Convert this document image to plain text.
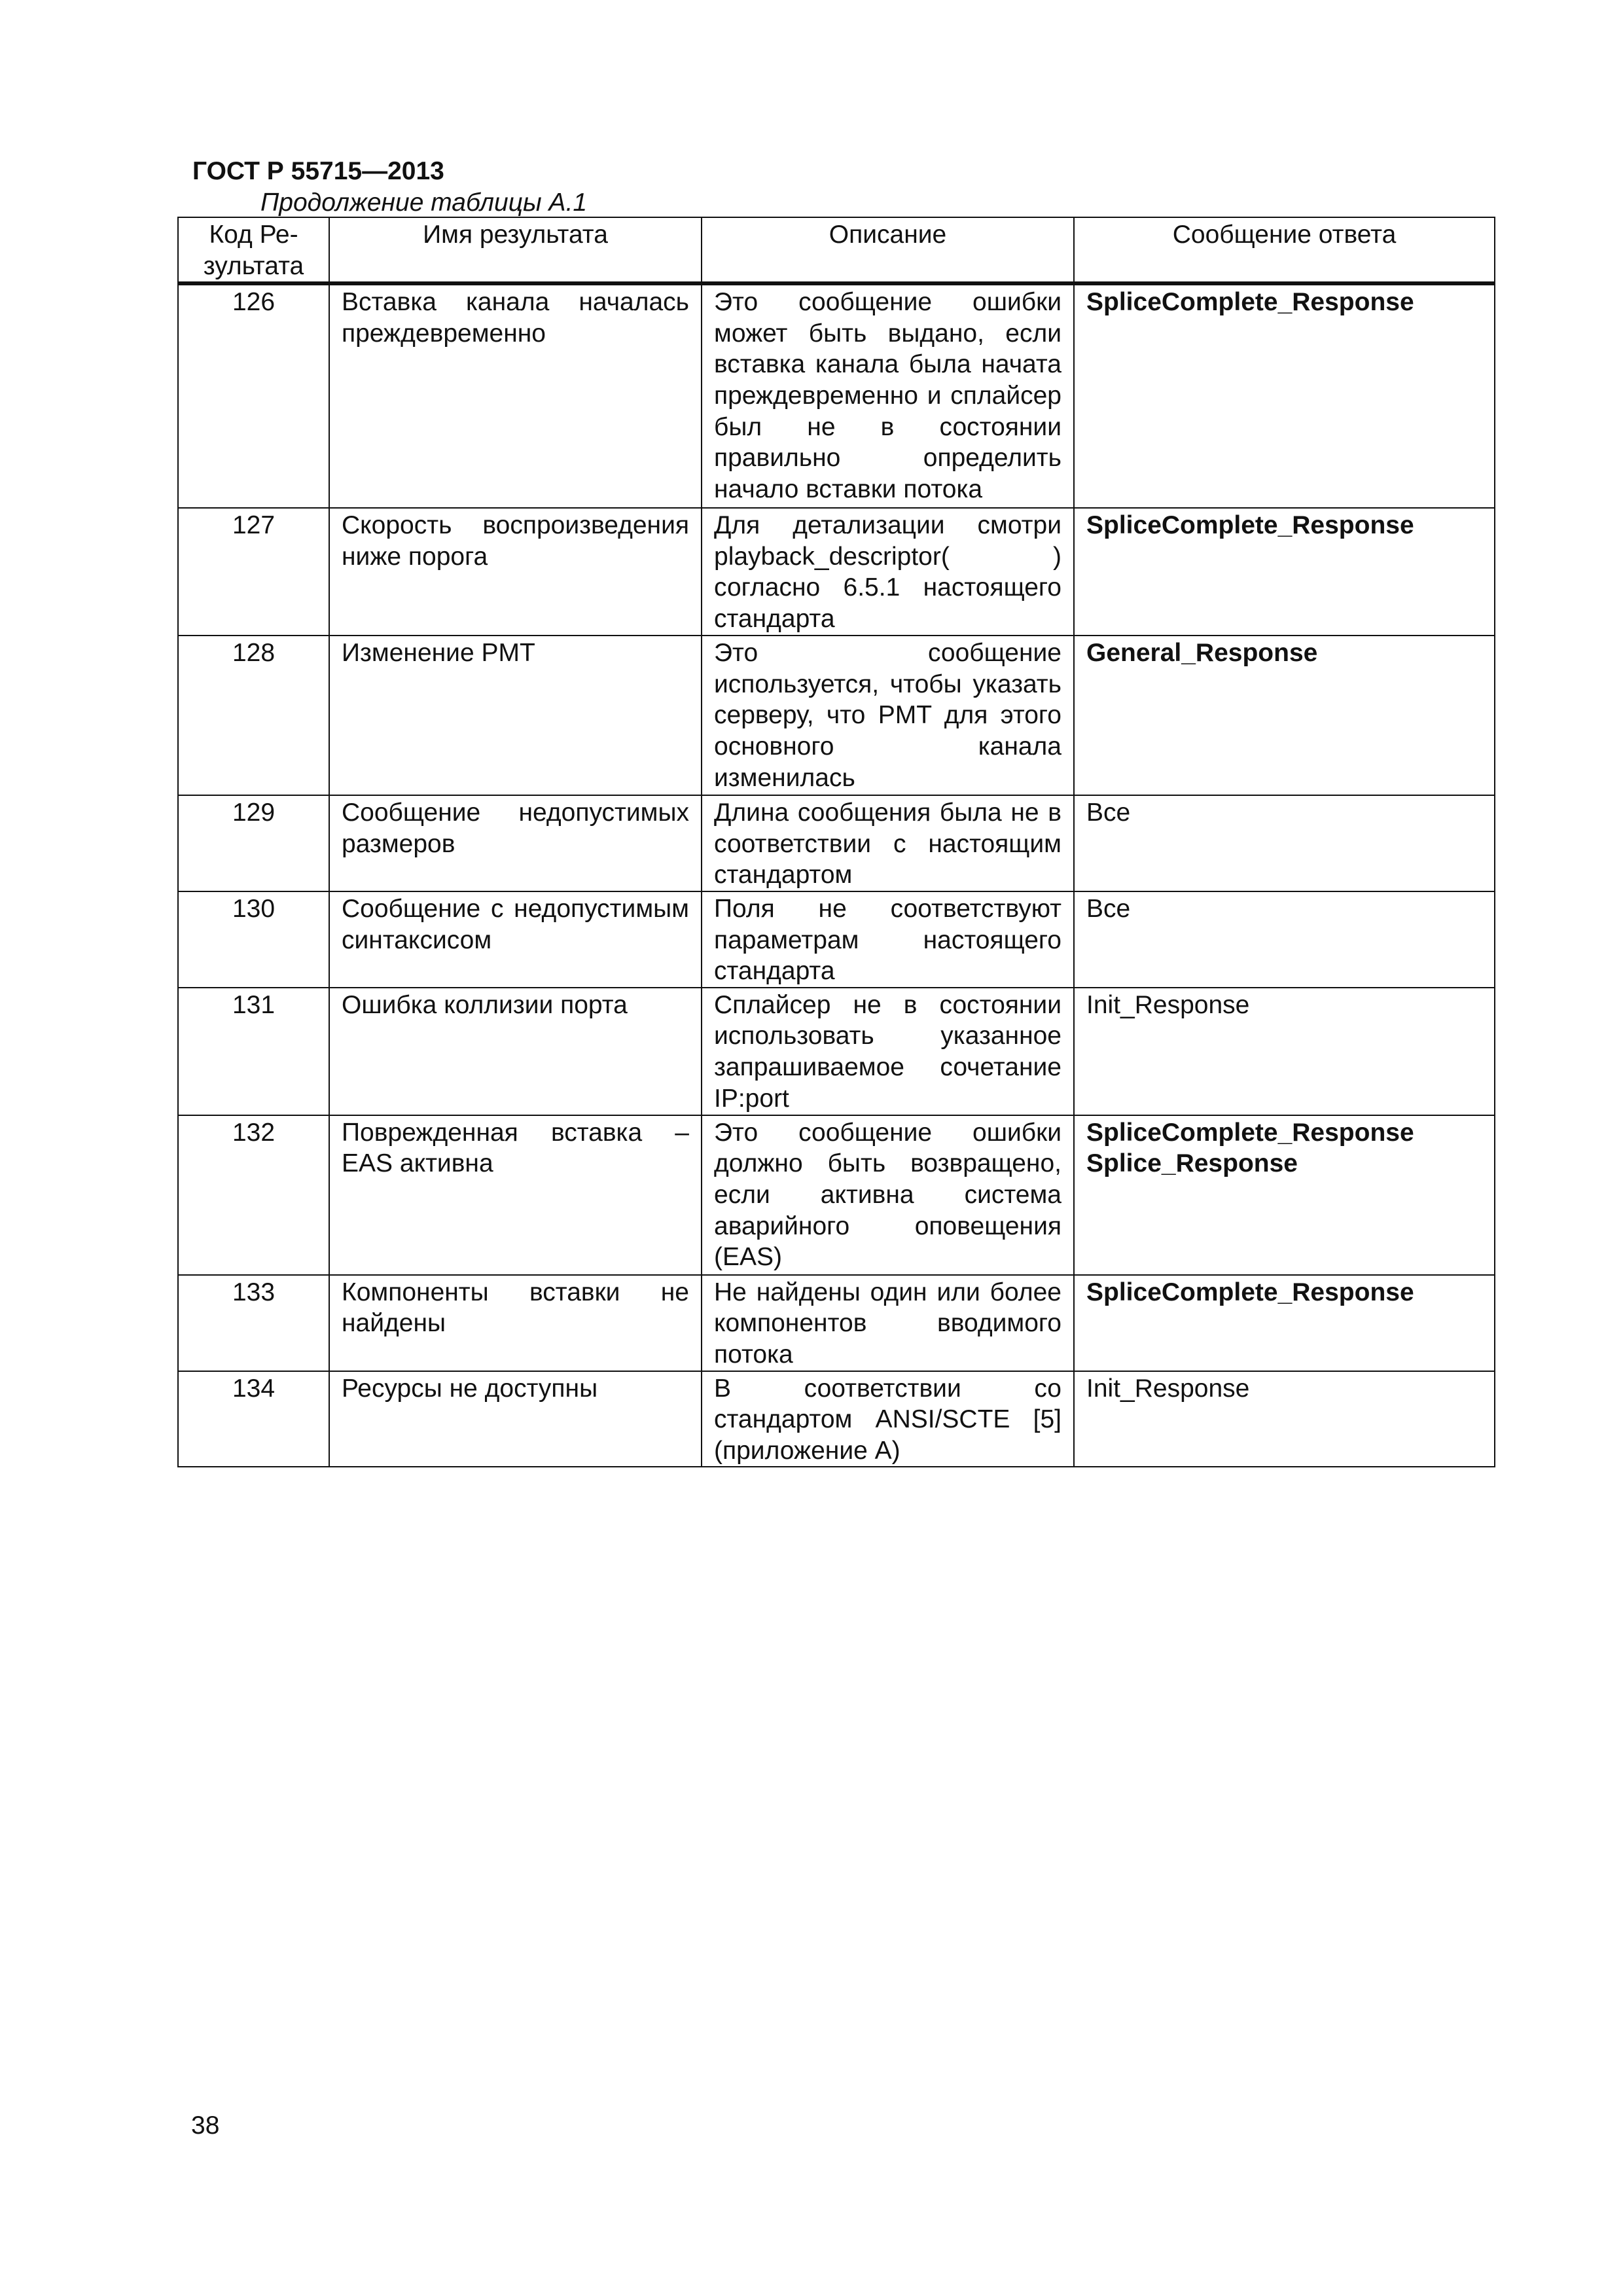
ГОСТ Р 55715—2013
Продолжение таблицы А.1
Код Ре-зультата	Имя результата	Описание	Сообщение ответа
126	Вставка канала началась преждевременно	Это сообщение ошибки может быть выдано, если вставка канала была начата преждевременно и сплайсер был не в состоянии правильно определить начало вставки потока	SpliceComplete_Response

127	Скорость воспроизведения ниже порога	Для детализации смотри playback_descriptor( ) согласно 6.5.1 настоящего стандарта	SpliceComplete_Response

128	Изменение PMT	Это сообщение используется, чтобы указать серверу, что PMT для этого основного канала изменилась	General_Response

129	Сообщение недопустимых размеров	Длина сообщения была не в соответствии с настоящим стандартом	Все

130	Сообщение с недопустимым синтаксисом	Поля не соответствуют параметрам настоящего стандарта	Все

131	Ошибка коллизии порта	Сплайсер не в состоянии использовать указанное запрашиваемое сочетание IP:port	Init_Response

132	Поврежденная вставка – EAS активна	Это сообщение ошибки должно быть возвращено, если активна система аварийного оповещения (EAS)	SpliceComplete_Response
Splice_Response

133	Компоненты вставки не найдены	Не найдены один или более компонентов вводимого потока	SpliceComplete_Response

134	Ресурсы не доступны	В соответствии со стандартом ANSI/SCTE [5] (приложение А)	Init_Response
38
